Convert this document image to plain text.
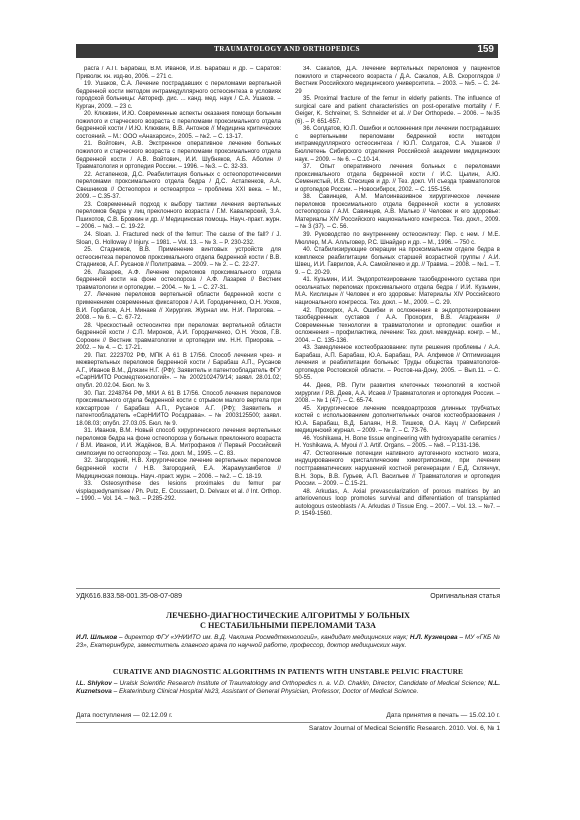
TRAUMATOLOGY AND ORTHOPEDICS	159

расга / А.П. Барабаш, В.М. Иванов, И.В. Барабаш и др. – Саратов: Приволж. кн. изд-во, 2006. – 271 с.

19. Ушаков, С.А. Лечение пострадавших с переломами вертельной бедренной кости методом интрамедуллярного остеосинтеза в условиях городской больницы: Автореф. дис. ... канд. мед. наук / С.А. Ушаков. – Курган, 2009. – 23 с.

20. Клюквин, И.Ю. Современные аспекты оказания помощи больным пожилого и старческого возраста с переломами проксимального отдела бедренной кости / И.Ю. Клюквин, В.В. Антонов // Медицина критических состояний. – М.: ООО «Анахарсис», 2005. – №2. – С. 13-17.

21. Войтович, А.В. Экстренное оперативное лечение больных пожилого и старческого возраста с переломами проксимального отдела бедренной кости / А.В. Войтович, И.И. Шубняков, А.Б. Аболин // Травматология и ортопедия России. – 1996. – №3. – С. 32-33.

22. Астапенков, Д.С. Реабилитация больных с остеопоротическими переломами проксимального отдела бедра / Д.С. Астапенков, А.А. Свешников // Остеопороз и остеоартроз – проблема XXI века. – М., 2009. – С.35-37.

23. Современный подход к выбору тактики лечения вертельных переломов бедра у лиц преклонного возраста / Г.М. Кавалерский, З.А. Пшихотов, С.В. Бровкин и др. // Медицинская помощь. Науч.-практ. журн. – 2006. – №3. – С. 19-22.

24. Sloan. J. Fractured neck of the femur: The cause of the fall? / J. Sloan, G. Holloway // Injury. – 1981. – Vol. 13. – № 3. – P. 230-232.

25. Стадников, В.В. Применение винтовых устройств для остеосинтеза переломов проксимального отдела бедренной кости / В.В. Стадников, А.Г. Русанов // Политравма. – 2009. – № 2. – С. 22-27.

26. Лазарев, А.Ф. Лечение переломов проксимального отдела бедренной кости на фоне остеопороза / А.Ф. Лазарев // Вестник травматологии и ортопедии. – 2004. – № 1. – С. 27-31.

27. Лечение переломов вертельной области бедренной кости с применением современных фиксаторов / А.И. Городниченко, О.Н. Усков, В.И. Горбатов, А.Н. Минаев // Хирургия. Журнал им. Н.И. Пирогова. – 2008. – № 6. – С. 67-72.

28. Чрескостный остеосинтез при переломах вертельной области бедренной кости / С.П. Миронов, А.И. Городниченко, О.Н. Усков, Г.В. Сорокин // Вестник травматологии и ортопедии им. Н.Н. Приорова. – 2002. – № 4. – С. 17-21.

29. Пат. 2223702 РФ, МПК А 61 В 17/56. Способ лечения чрез- и межвертельных переломов бедренной кости / Барабаш А.П., Русанов А.Г., Иванов В.М., Длязин Н.Г. (РФ); Заявитель и патентообладатель ФГУ «СарНИИТО Росмедтехнологий». – № 2002102479/14; заявл. 28.01.02; опубл. 20.02.04. Бюл. № 3.

30. Пат. 2248764 РФ, МКИ А 61 В 17/56. Способ лечения переломов проксимального отдела бедренной кости с отрывом малого вертела при коксартрозе / Барабаш А.П., Русанов А.Г. (РФ); Заявитель и патентообладатель «СарНИИТО Росздрава». – № 2003125500; заявл. 18.08.03; опубл. 27.03.05. Бюл. № 9.

31. Иванов, В.М. Новый способ хирургического лечения вертельных переломов бедра на фоне остеопороза у больных преклонного возраста / В.М. Иванов, И.И. Жадёнов, В.А. Митрофанов // Первый Российский симпозиум по остеопорозу. – Тез. докл. М., 1995. – С. 83.

32. Загородний, Н.В. Хирургическое лечение вертельных переломов бедренной кости / Н.В. Загородний, Е.А. Жарамухамбетов // Медицинская помощь. Науч.-практ. журн. – 2006. – №2. – С. 18-19.

33. Osteosynthese des lesions proximales du femur par visplaquedynamisee / Ph. Putz, E. Coussaert, D. Delvaux et al. // Int. Orthop. – 1990. – Vol. 14. – №3. – P.285-292.

34. Сакалов, Д.А. Лечение вертельных переломов у пациентов пожилого и старческого возраста / Д.А. Сакалов, А.В. Скороглядов // Вестник Российского медицинского университета. – 2003. – №5. – С. 24-29

35. Proximal fracture of the femur in elderly patients. The influence of surgical care and patient characteristics on post-operative mortality / F. Geiger, K. Schreiner, S. Schneider et al. // Der Orthopede. – 2006. – №35 (6). – P. 651-657.

36. Солдатов, Ю.П. Ошибки и осложнения при лечении пострадавших с вертельными переломами бедренной кости методом интрамедуллярного остеосинтеза / Ю.П. Солдатов, С.А. Ушаков // Бюллетень Сибирского отделения Российской академии медицинских наук. – 2009. – № 6. – С.10-14.

37. Опыт оперативного лечения больных с переломами проксимального отдела бедренной кости / И.С. Цылин, А.Ю. Семенистый, И.В. Стесицев и др. // Тез. докл. VII съезда травматологов и ортопедов России. – Новосибирск, 2002. – С. 155-156.

38. Савинцев, А.М. Малоинвазивное хирургическое лечение переломов проксимального отдела бедренной кости в условиях остеопороза / А.М. Савинцев, А.В. Малько // Человек и его здоровье: Материалы XIV Российского национального конгресса. Тез. докл., 2009. – № 3 (37). – С. 56.

39. Руководство по внутреннему остеосинтезу: Пер. с нем. / М.Е. Мюллер, М.А. Алльговер, Р.С. Шнайдер и др. – М., 1996. – 750 с.

40. Стабилизирующие операции на проксимальном отделе бедра в комплексе реабилитации больных старшей возрастной группы / А.И. Швец, И.И. Гаврилов, А.А. Самойленко и др. // Травма. – 2008. – №1. – Т. 9. – С. 20-29.

41. Кузьмин, И.И. Эндопротезирование тазобедренного сустава при оскольчатых переломах проксимального отдела бедра / И.И. Кузьмин, М.А. Кислицын // Человек и его здоровье: Материалы XIV Российского национального конгресса. Тез. докл. – М., 2009. – С. 29.

42. Прохорих, А.А. Ошибки и осложнения в эндопротезировании тазобедренных суставов / А.А. Прохорих, В.В. Агаджанян // Современные технологии в травматологии и ортопедии: ошибки и осложнения – профилактика, лечение: Тез. докл. междунар. конгр. – М., 2004. – С. 135-136.

43. Замедленное костеобразование: пути решения проблемы / А.А. Барабаш, А.П. Барабаш, Ю.А. Барабаш, Р.А. Алфимов // Оптимизация лечения и реабилитации больных: Труды общества травматологов-ортопедов Ростовской области. – Ростов-на-Дону, 2005. – Вып.11. – С. 50-55.

44. Деев, Р.В. Пути развития клеточных технологий в костной хирургии / Р.В. Деев, А.А. Исаев // Травматология и ортопедия России. – 2008. – № 1 (47). – С. 65-74.

45. Хирургическое лечение псевдоартрозов длинных трубчатых костей с использованием дополнительных очагов костеобразования / Ю.А. Барабаш, В.Д. Балаян, Н.В. Тишков, О.А. Кауц // Сибирский медицинский журнал. – 2009. – № 7. – С. 73-76.

46. Yoshikawa, H. Bone tissue engineering with hydroxyapatite ceramics / H. Yoshikawa, A. Myoui // J. Artif. Organs. – 2005. – №8. – P.131-136.

47. Остеогенные потенции нативного аутогенного костного мозга, индуцированного кристаллическим химотрипсином, при лечении посттравматических нарушений костной регенерации / Е.Д. Склянчук, В.Н. Зорь, В.В. Гурьев, А.П. Васильев // Травматология и ортопедия России. – 2009. – С.15-21.

48. Arkudas, A. Axial prevascularization of porous matrices by an arteriovenous loop promotes survival and differentiation of transplanted autologous osteoblasts / A. Arkudas // Tissue Eng. – 2007. – Vol. 13. – №7. – P. 1549-1560.

УДК616.833.58-001.35-08-07-089	Оригинальная статья
ЛЕЧЕБНО-ДИАГНОСТИЧЕСКИЕ АЛГОРИТМЫ У БОЛЬНЫХ
С НЕСТАБИЛЬНЫМИ ПЕРЕЛОМАМИ ТАЗА
И.Л. Шлыков – директор ФГУ «УНИИТО им. В.Д. Чаклина Росмедтехнологий», кандидат медицинских наук; Н.Л. Кузнецова – МУ «ГКБ № 23», Екатеринбург, заместитель главного врача по научной работе, профессор, доктор медицинских наук.
CURATIVE AND DIAGNOSTIC ALGORITHMS IN PATIENTS WITH UNSTABLE PELVIC FRACTURE
I.L. Shlykov – Uralsk Scientific Research Institute of Traumatology and Orthopedics n. a. V.D. Chaklin, Director, Candidate of Medical Science; N.L. Kuznetsova – Ekaterinburg Clinical Hospital №23, Assistant of General Physician, Professor, Doctor of Medical Science.
Дата поступления — 02.12.09 г.	Дата принятия в печать — 15.02.10 г.
Saratov Journal of Medical Scientific Research. 2010. Vol. 6, № 1
